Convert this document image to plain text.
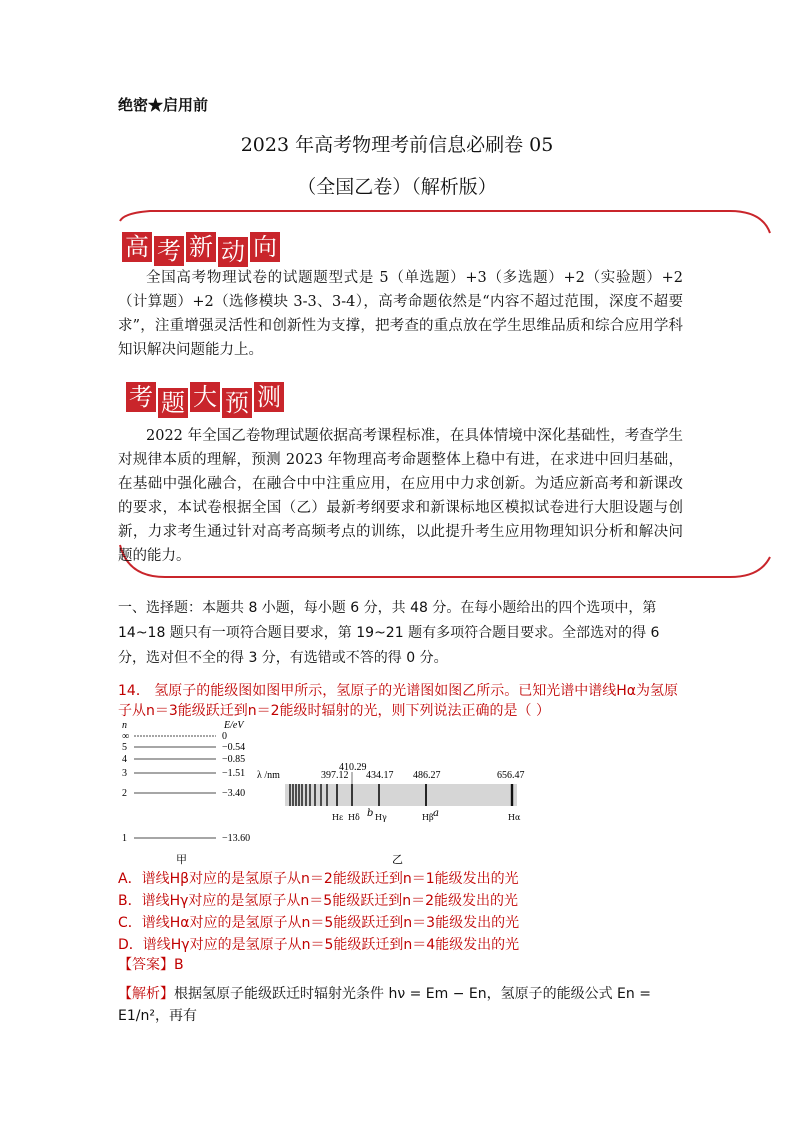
绝密★启用前
2023 年高考物理考前信息必刷卷 05
（全国乙卷）（解析版）
高 考 新 动 向
全国高考物理试卷的试题题型式是 5（单选题）+3（多选题）+2（实验题）+2（计算题）+2（选修模块 3-3、3-4），高考命题依然是“内容不超过范围，深度不超要求”，注重增强灵活性和创新性为支撑，把考查的重点放在学生思维品质和综合应用学科知识解决问题能力上。
考 题 大 预 测
2022 年全国乙卷物理试题依据高考课程标准，在具体情境中深化基础性，考查学生对规律本质的理解，预测 2023 年物理高考命题整体上稳中有进，在求进中回归基础，在基础中强化融合，在融合中中注重应用，在应用中力求创新。为适应新高考和新课改的要求，本试卷根据全国（乙）最新考纲要求和新课标地区模拟试卷进行大胆设题与创新，力求考生通过针对高考高频考点的训练，以此提升考生应用物理知识分析和解决问题的能力。
一、选择题：本题共 8 小题，每小题 6 分，共 48 分。在每小题给出的四个选项中，第 14~18 题只有一项符合题目要求，第 19~21 题有多项符合题目要求。全部选对的得 6 分，选对但不全的得 3 分，有选错或不答的得 0 分。
14． 氢原子的能级图如图甲所示，氢原子的光谱图如图乙所示。已知光谱中谱线Hα为氢原子从n＝3能级跃迁到n＝2能级时辐射的光，则下列说法正确的是（ ）
n	E/eV
∞	0
5	−0.54
4	−0.85
3	−1.51
2	−3.40
1	−13.60
甲
λ /nm	397.12
Hε
410.29
Hδ
434.17
Hγ
b
486.27
Hβ a
656.47
Hα
乙
A．谱线Hβ对应的是氢原子从n＝2能级跃迁到n＝1能级发出的光
B．谱线Hγ对应的是氢原子从n＝5能级跃迁到n＝2能级发出的光
C．谱线Hα对应的是氢原子从n＝5能级跃迁到n＝3能级发出的光
D．谱线Hγ对应的是氢原子从n＝5能级跃迁到n＝4能级发出的光
【答案】B
【解析】根据氢原子能级跃迁时辐射光条件 hν = Em − En，氢原子的能级公式 En = E1/n²，再有
